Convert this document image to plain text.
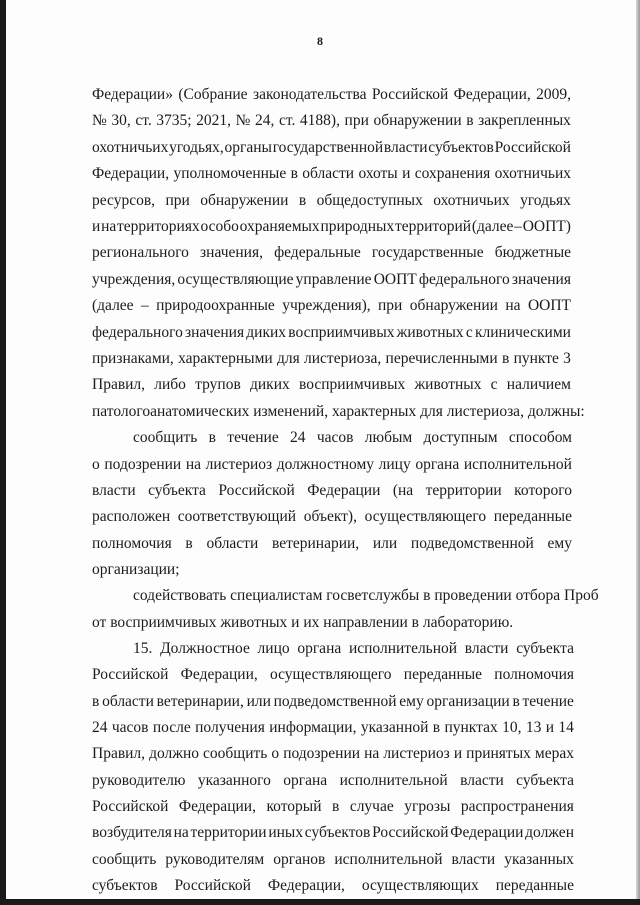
8
Федерации» (Собрание законодательства Российской Федерации, 2009,
№ 30, ст. 3735; 2021, № 24, ст. 4188), при обнаружении в закрепленных
охотничьих угодьях, органы государственной власти субъектов Российской
Федерации, уполномоченные в области охоты и сохранения охотничьих
ресурсов, при обнаружении в общедоступных охотничьих угодьях
и на территориях особо охраняемых природных территорий (далее – ООПТ)
регионального значения, федеральные государственные бюджетные
учреждения, осуществляющие управление ООПТ федерального значения
(далее – природоохранные учреждения), при обнаружении на ООПТ
федерального значения диких восприимчивых животных с клиническими
признаками, характерными для листериоза, перечисленными в пункте 3
Правил, либо трупов диких восприимчивых животных с наличием
патологоанатомических изменений, характерных для листериоза, должны:
сообщить в течение 24 часов любым доступным способом
о подозрении на листериоз должностному лицу органа исполнительной
власти субъекта Российской Федерации (на территории которого
расположен соответствующий объект), осуществляющего переданные
полномочия в области ветеринарии, или подведомственной ему
организации;
содействовать специалистам госветслужбы в проведении отбора Проб
от восприимчивых животных и их направлении в лабораторию.
15. Должностное лицо органа исполнительной власти субъекта
Российской Федерации, осуществляющего переданные полномочия
в области ветеринарии, или подведомственной ему организации в течение
24 часов после получения информации, указанной в пунктах 10, 13 и 14
Правил, должно сообщить о подозрении на листериоз и принятых мерах
руководителю указанного органа исполнительной власти субъекта
Российской Федерации, который в случае угрозы распространения
возбудителя на территории иных субъектов Российской Федерации должен
сообщить руководителям органов исполнительной власти указанных
субъектов Российской Федерации, осуществляющих переданные
